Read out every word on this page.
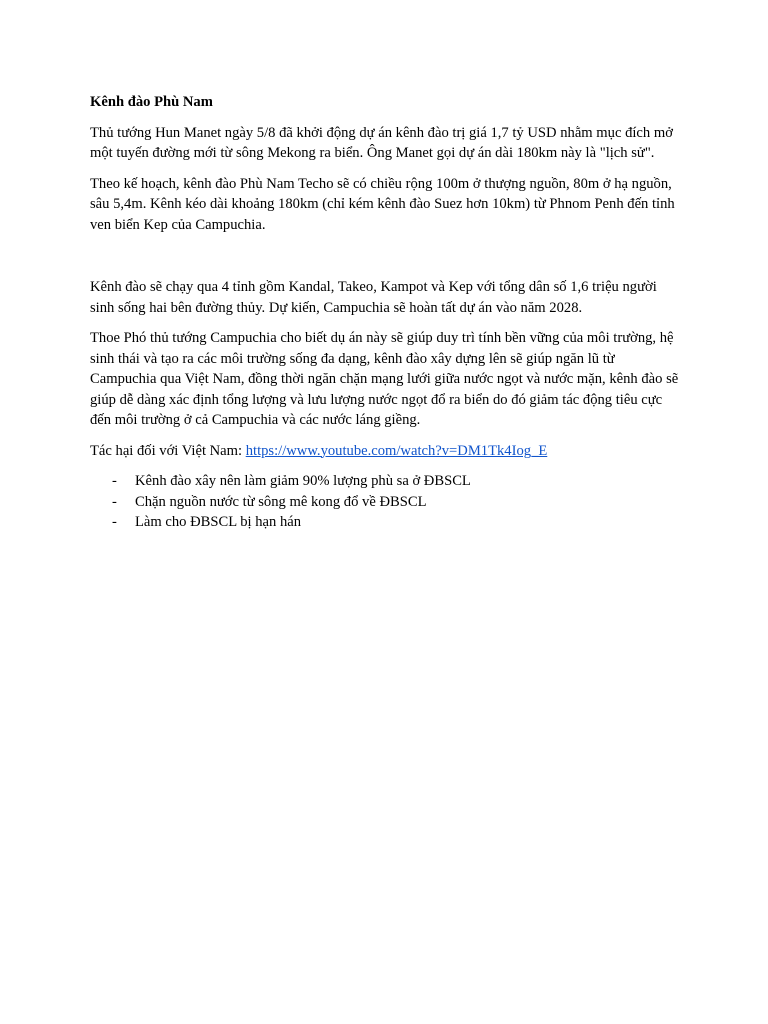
Kênh đào Phù Nam

Thủ tướng Hun Manet ngày 5/8 đã khởi động dự án kênh đào trị giá 1,7 tỷ USD nhằm mục đích mở một tuyến đường mới từ sông Mekong ra biển. Ông Manet gọi dự án dài 180km này là "lịch sử".

Theo kế hoạch, kênh đào Phù Nam Techo sẽ có chiều rộng 100m ở thượng nguồn, 80m ở hạ nguồn, sâu 5,4m. Kênh kéo dài khoảng 180km (chỉ kém kênh đào Suez hơn 10km) từ Phnom Penh đến tỉnh ven biển Kep của Campuchia.

Kênh đào sẽ chạy qua 4 tỉnh gồm Kandal, Takeo, Kampot và Kep với tổng dân số 1,6 triệu người sinh sống hai bên đường thủy. Dự kiến, Campuchia sẽ hoàn tất dự án vào năm 2028.

Thoe Phó thủ tướng Campuchia cho biết dụ án này sẽ giúp duy trì tính bền vững của môi trường, hệ sinh thái và tạo ra các môi trường sống đa dạng, kênh đào xây dựng lên sẽ giúp ngăn lũ từ Campuchia qua Việt Nam, đồng thời ngăn chặn mạng lưới giữa nước ngọt và nước mặn, kênh đào sẽ giúp dễ dàng xác định tổng lượng và lưu lượng nước ngọt đổ ra biển do đó giảm tác động tiêu cực đến môi trường ở cả Campuchia và các nước láng giềng.

Tác hại đối với Việt Nam: https://www.youtube.com/watch?v=DM1Tk4Iog_E

- Kênh đào xây nên làm giảm 90% lượng phù sa ở ĐBSCL
- Chặn nguồn nước từ sông mê kong đổ về ĐBSCL
- Làm cho ĐBSCL bị hạn hán
